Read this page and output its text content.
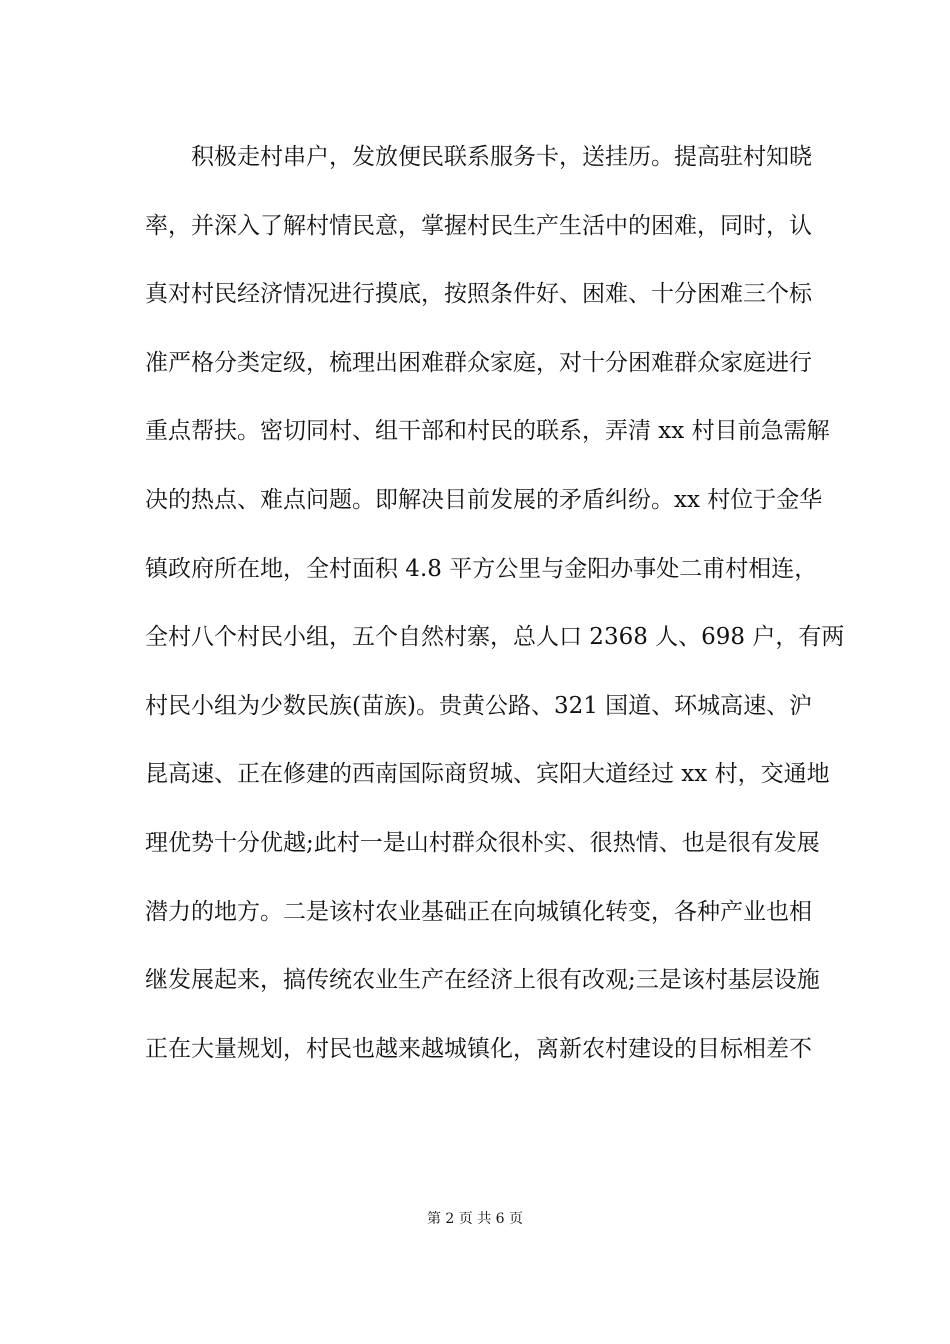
积极走村串户，发放便民联系服务卡，送挂历。提高驻村知晓
率，并深入了解村情民意，掌握村民生产生活中的困难，同时，认
真对村民经济情况进行摸底，按照条件好、困难、十分困难三个标
准严格分类定级，梳理出困难群众家庭，对十分困难群众家庭进行
重点帮扶。密切同村、组干部和村民的联系，弄清 xx 村目前急需解
决的热点、难点问题。即解决目前发展的矛盾纠纷。xx 村位于金华
镇政府所在地，全村面积 4.8 平方公里与金阳办事处二甫村相连，
全村八个村民小组，五个自然村寨，总人口 2368 人、698 户，有两
村民小组为少数民族(苗族)。贵黄公路、321 国道、环城高速、沪
昆高速、正在修建的西南国际商贸城、宾阳大道经过 xx 村，交通地
理优势十分优越;此村一是山村群众很朴实、很热情、也是很有发展
潜力的地方。二是该村农业基础正在向城镇化转变，各种产业也相
继发展起来，搞传统农业生产在经济上很有改观;三是该村基层设施
正在大量规划，村民也越来越城镇化，离新农村建设的目标相差不
第 2 页 共 6 页
